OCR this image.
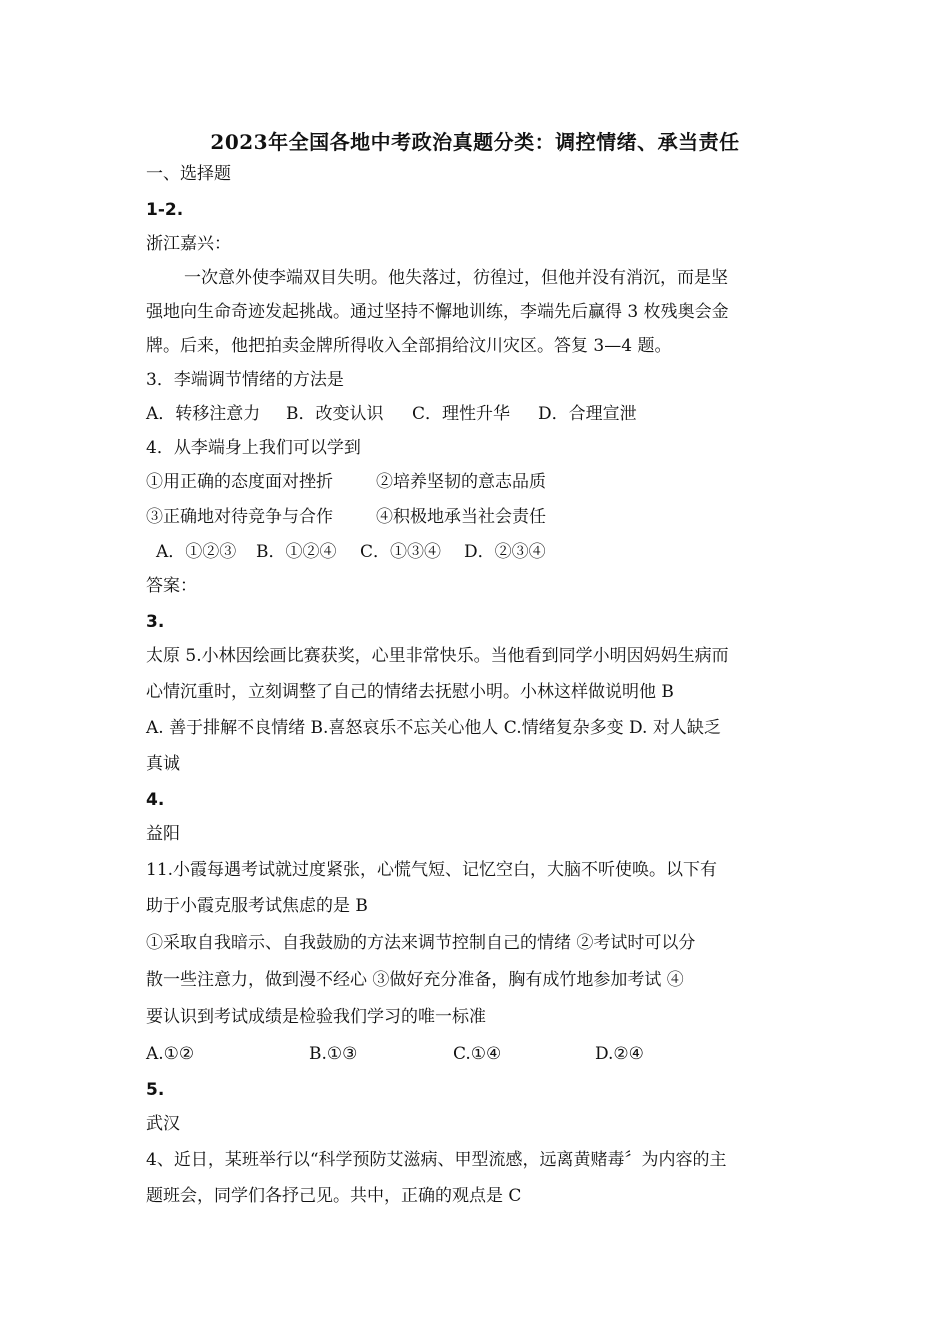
2023年全国各地中考政治真题分类：调控情绪、承当责任
一、选择题
1-2.
浙江嘉兴：
一次意外使李端双目失明。他失落过，彷徨过，但他并没有消沉，而是坚
强地向生命奇迹发起挑战。通过坚持不懈地训练，李端先后赢得 3 枚残奥会金
牌。后来，他把拍卖金牌所得收入全部捐给汶川灾区。答复 3—4 题。
3．李端调节情绪的方法是
A．转移注意力 B．改变认识 C．理性升华 D．合理宣泄
4．从李端身上我们可以学到
①用正确的态度面对挫折	②培养坚韧的意志品质
③正确地对待竞争与合作	④积极地承当社会责任
A．①②③ B．①②④ C．①③④ D．②③④
答案：
3.
太原 5.小林因绘画比赛获奖，心里非常快乐。当他看到同学小明因妈妈生病而
心情沉重时，立刻调整了自己的情绪去抚慰小明。小林这样做说明他 B
A. 善于排解不良情绪 B.喜怒哀乐不忘关心他人 C.情绪复杂多变 D. 对人缺乏
真诚
4.
益阳
11.小霞每遇考试就过度紧张，心慌气短、记忆空白，大脑不听使唤。以下有
助于小霞克服考试焦虑的是 B
①采取自我暗示、自我鼓励的方法来调节控制自己的情绪 ②考试时可以分
散一些注意力，做到漫不经心 ③做好充分准备，胸有成竹地参加考试 ④
要认识到考试成绩是检验我们学习的唯一标准
A.①②	B.①③	C.①④	D.②④
5.
武汉
4、近日，某班举行以“科学预防艾滋病、甲型流感，远离黄赌毒〞为内容的主
题班会，同学们各抒己见。共中，正确的观点是 C
